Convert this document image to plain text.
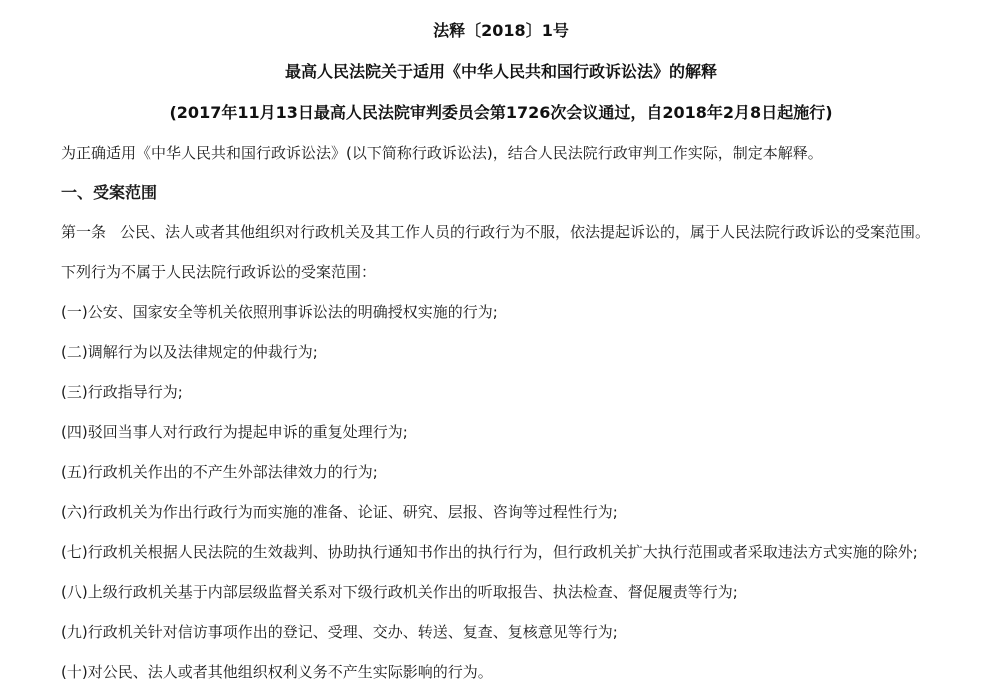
法释〔2018〕1号
最高人民法院关于适用《中华人民共和国行政诉讼法》的解释
(2017年11月13日最高人民法院审判委员会第1726次会议通过，自2018年2月8日起施行)
为正确适用《中华人民共和国行政诉讼法》(以下简称行政诉讼法)，结合人民法院行政审判工作实际，制定本解释。
一、受案范围
第一条 公民、法人或者其他组织对行政机关及其工作人员的行政行为不服，依法提起诉讼的，属于人民法院行政诉讼的受案范围。
下列行为不属于人民法院行政诉讼的受案范围：
(一)公安、国家安全等机关依照刑事诉讼法的明确授权实施的行为;
(二)调解行为以及法律规定的仲裁行为;
(三)行政指导行为;
(四)驳回当事人对行政行为提起申诉的重复处理行为;
(五)行政机关作出的不产生外部法律效力的行为;
(六)行政机关为作出行政行为而实施的准备、论证、研究、层报、咨询等过程性行为;
(七)行政机关根据人民法院的生效裁判、协助执行通知书作出的执行行为，但行政机关扩大执行范围或者采取违法方式实施的除外;
(八)上级行政机关基于内部层级监督关系对下级行政机关作出的听取报告、执法检查、督促履责等行为;
(九)行政机关针对信访事项作出的登记、受理、交办、转送、复查、复核意见等行为;
(十)对公民、法人或者其他组织权利义务不产生实际影响的行为。
